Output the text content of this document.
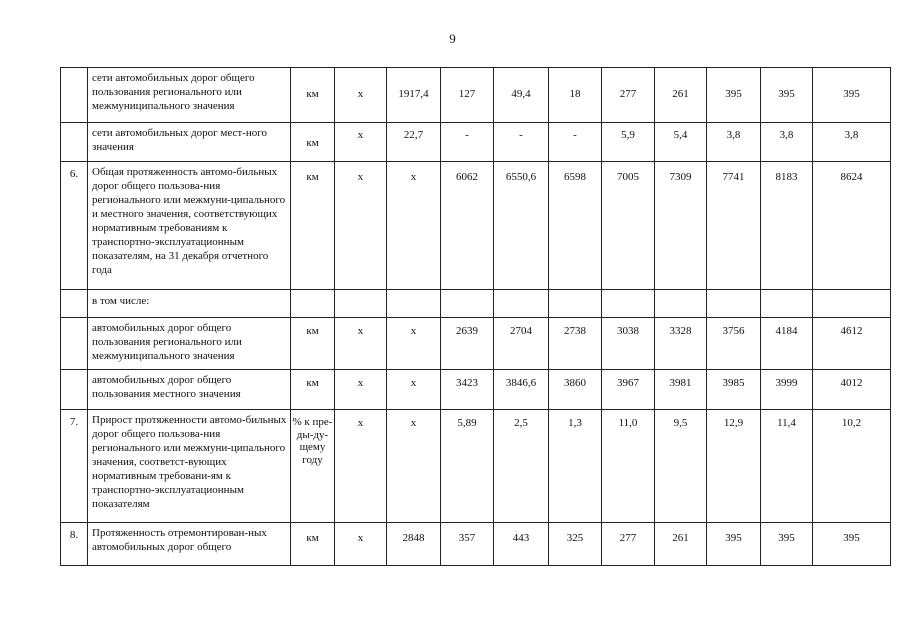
9
	сети автомобильных дорог общего пользования регионального или межмуниципального значения	км	х	1917,4	127	49,4	18	277	261	395	395	395
	сети автомобильных дорог мест-ного значения	км	х	22,7	-	-	-	5,9	5,4	3,8	3,8	3,8
6.	Общая протяженность автомо-бильных дорог общего пользова-ния регионального или межмуни-ципального и местного значения, соответствующих нормативным требованиям к транспортно-эксплуатационным показателям, на 31 декабря отчетного года	км	х	х	6062	6550,6	6598	7005	7309	7741	8183	8624
	в том числе:											
	автомобильных дорог общего пользования регионального или межмуниципального значения	км	х	х	2639	2704	2738	3038	3328	3756	4184	4612
	автомобильных дорог общего пользования местного значения	км	х	х	3423	3846,6	3860	3967	3981	3985	3999	4012
7.	Прирост протяженности автомо-бильных дорог общего пользова-ния регионального или межмуни-ципального значения, соответст-вующих нормативным требовани-ям к транспортно-эксплуатационным показателям	% к пре-ды-ду-щему году	х	х	5,89	2,5	1,3	11,0	9,5	12,9	11,4	10,2
8.	Протяженность отремонтирован-ных автомобильных дорог общего	км	х	2848	357	443	325	277	261	395	395	395
